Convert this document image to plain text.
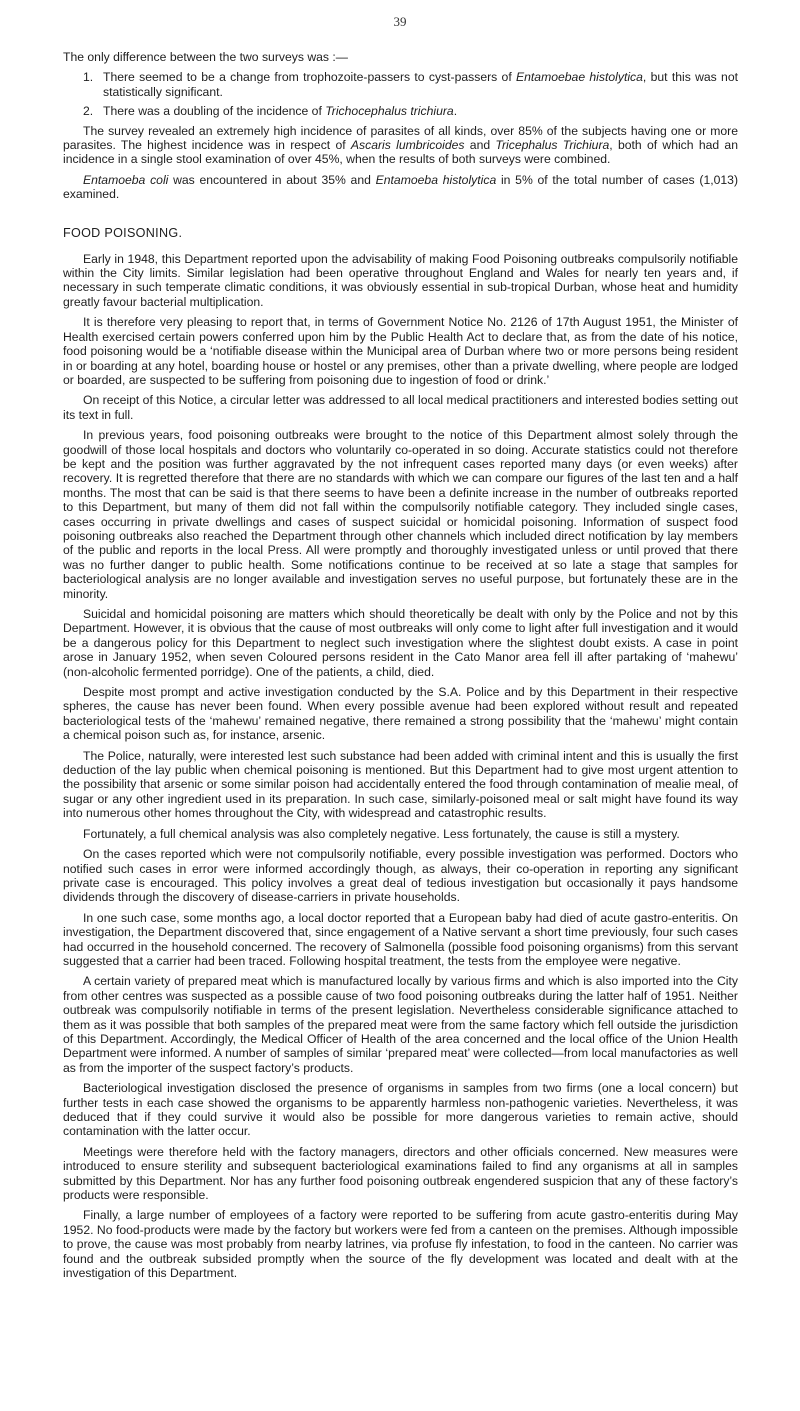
39

The only difference between the two surveys was :—

1. There seemed to be a change from trophozoite-passers to cyst-passers of Entamoebae histolytica, but this was not statistically significant.
2. There was a doubling of the incidence of Trichocephalus trichiura.

The survey revealed an extremely high incidence of parasites of all kinds, over 85% of the subjects having one or more parasites. The highest incidence was in respect of Ascaris lumbricoides and Tricephalus Trichiura, both of which had an incidence in a single stool examination of over 45%, when the results of both surveys were combined.

Entamoeba coli was encountered in about 35% and Entamoeba histolytica in 5% of the total number of cases (1,013) examined.

FOOD POISONING.

Early in 1948, this Department reported upon the advisability of making Food Poisoning outbreaks compulsorily notifiable within the City limits. Similar legislation had been operative throughout England and Wales for nearly ten years and, if necessary in such temperate climatic conditions, it was obviously essential in sub-tropical Durban, whose heat and humidity greatly favour bacterial multiplication.

It is therefore very pleasing to report that, in terms of Government Notice No. 2126 of 17th August 1951, the Minister of Health exercised certain powers conferred upon him by the Public Health Act to declare that, as from the date of his notice, food poisoning would be a ‘notifiable disease within the Municipal area of Durban where two or more persons being resident in or boarding at any hotel, boarding house or hostel or any premises, other than a private dwelling, where people are lodged or boarded, are suspected to be suffering from poisoning due to ingestion of food or drink.’

On receipt of this Notice, a circular letter was addressed to all local medical practitioners and interested bodies setting out its text in full.

In previous years, food poisoning outbreaks were brought to the notice of this Department almost solely through the goodwill of those local hospitals and doctors who voluntarily co-operated in so doing. Accurate statistics could not therefore be kept and the position was further aggravated by the not infrequent cases reported many days (or even weeks) after recovery. It is regretted therefore that there are no standards with which we can compare our figures of the last ten and a half months. The most that can be said is that there seems to have been a definite increase in the number of outbreaks reported to this Department, but many of them did not fall within the compulsorily notifiable category. They included single cases, cases occurring in private dwellings and cases of suspect suicidal or homicidal poisoning. Information of suspect food poisoning outbreaks also reached the Department through other channels which included direct notification by lay members of the public and reports in the local Press. All were promptly and thoroughly investigated unless or until proved that there was no further danger to public health. Some notifications continue to be received at so late a stage that samples for bacteriological analysis are no longer available and investigation serves no useful purpose, but fortunately these are in the minority.

Suicidal and homicidal poisoning are matters which should theoretically be dealt with only by the Police and not by this Department. However, it is obvious that the cause of most outbreaks will only come to light after full investigation and it would be a dangerous policy for this Department to neglect such investigation where the slightest doubt exists. A case in point arose in January 1952, when seven Coloured persons resident in the Cato Manor area fell ill after partaking of ‘mahewu’ (non-alcoholic fermented porridge). One of the patients, a child, died.

Despite most prompt and active investigation conducted by the S.A. Police and by this Department in their respective spheres, the cause has never been found. When every possible avenue had been explored without result and repeated bacteriological tests of the ‘mahewu’ remained negative, there remained a strong possibility that the ‘mahewu’ might contain a chemical poison such as, for instance, arsenic.

The Police, naturally, were interested lest such substance had been added with criminal intent and this is usually the first deduction of the lay public when chemical poisoning is mentioned. But this Department had to give most urgent attention to the possibility that arsenic or some similar poison had accidentally entered the food through contamination of mealie meal, of sugar or any other ingredient used in its preparation. In such case, similarly-poisoned meal or salt might have found its way into numerous other homes throughout the City, with widespread and catastrophic results.

Fortunately, a full chemical analysis was also completely negative. Less fortunately, the cause is still a mystery.

On the cases reported which were not compulsorily notifiable, every possible investigation was performed. Doctors who notified such cases in error were informed accordingly though, as always, their co-operation in reporting any significant private case is encouraged. This policy involves a great deal of tedious investigation but occasionally it pays handsome dividends through the discovery of disease-carriers in private households.

In one such case, some months ago, a local doctor reported that a European baby had died of acute gastro-enteritis. On investigation, the Department discovered that, since engagement of a Native servant a short time previously, four such cases had occurred in the household concerned. The recovery of Salmonella (possible food poisoning organisms) from this servant suggested that a carrier had been traced. Following hospital treatment, the tests from the employee were negative.

A certain variety of prepared meat which is manufactured locally by various firms and which is also imported into the City from other centres was suspected as a possible cause of two food poisoning outbreaks during the latter half of 1951. Neither outbreak was compulsorily notifiable in terms of the present legislation. Nevertheless considerable significance attached to them as it was possible that both samples of the prepared meat were from the same factory which fell outside the jurisdiction of this Department. Accordingly, the Medical Officer of Health of the area concerned and the local office of the Union Health Department were informed. A number of samples of similar ‘prepared meat’ were collected—from local manufactories as well as from the importer of the suspect factory’s products.

Bacteriological investigation disclosed the presence of organisms in samples from two firms (one a local concern) but further tests in each case showed the organisms to be apparently harmless non-pathogenic varieties. Nevertheless, it was deduced that if they could survive it would also be possible for more dangerous varieties to remain active, should contamination with the latter occur.

Meetings were therefore held with the factory managers, directors and other officials concerned. New measures were introduced to ensure sterility and subsequent bacteriological examinations failed to find any organisms at all in samples submitted by this Department. Nor has any further food poisoning outbreak engendered suspicion that any of these factory’s products were responsible.

Finally, a large number of employees of a factory were reported to be suffering from acute gastro-enteritis during May 1952. No food-products were made by the factory but workers were fed from a canteen on the premises. Although impossible to prove, the cause was most probably from nearby latrines, via profuse fly infestation, to food in the canteen. No carrier was found and the outbreak subsided promptly when the source of the fly development was located and dealt with at the investigation of this Department.
